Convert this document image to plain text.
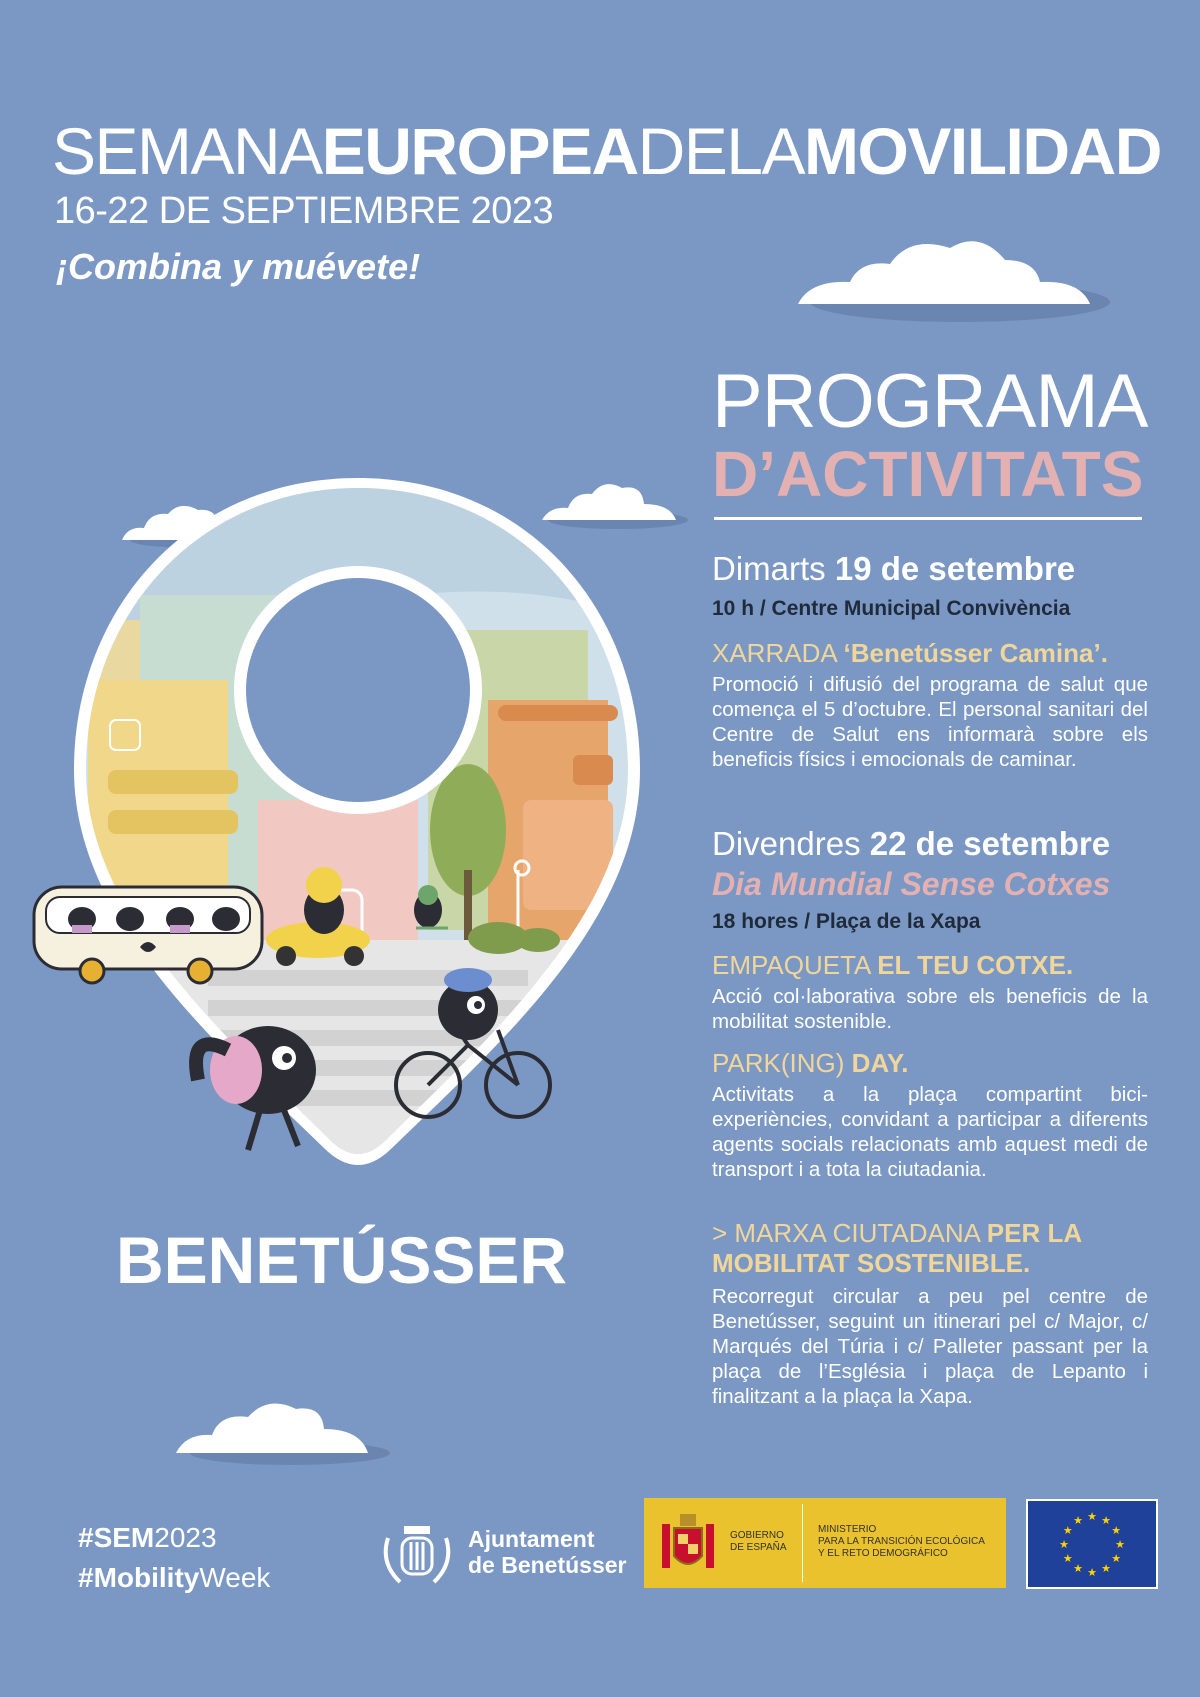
SEMANAEUROPEADELAMOVILIDAD
16-22 DE SEPTIEMBRE 2023
¡Combina y muévete!
PROGRAMA
D’ACTIVITATS
Dimarts 19 de setembre
10 h / Centre Municipal Convivència
XARRADA ‘Benetússer Camina’.
Promoció i difusió del programa de salut que comença el 5 d’octubre. El personal sanitari del Centre de Salut ens informarà sobre els beneficis físics i emocionals de caminar.
Divendres 22 de setembre
Dia Mundial Sense Cotxes
18 hores / Plaça de la Xapa
EMPAQUETA EL TEU COTXE.
Acció col·laborativa sobre els beneficis de la mobilitat sostenible.
PARK(ING) DAY.
Activitats a la plaça compartint bici-experiències, convidant a participar a diferents agents socials relacionats amb aquest medi de transport i a tota la ciutadania.
> MARXA CIUTADANA PER LA
MOBILITAT SOSTENIBLE.
Recorregut circular a peu pel centre de Benetússer, seguint un itinerari pel c/ Major, c/ Marqués del Túria i c/ Palleter passant per la plaça de l’Església i plaça de Lepanto i finalitzant a la plaça la Xapa.
BENETÚSSER
#SEM2023
#MobilityWeek
Ajuntament
de Benetússer
GOBIERNO
DE ESPAÑA
MINISTERIO
PARA LA TRANSICIÓN ECOLÓGICA
Y EL RETO DEMOGRÁFICO
★ ★
★
★
★
★
★
★
★
★
★
★
